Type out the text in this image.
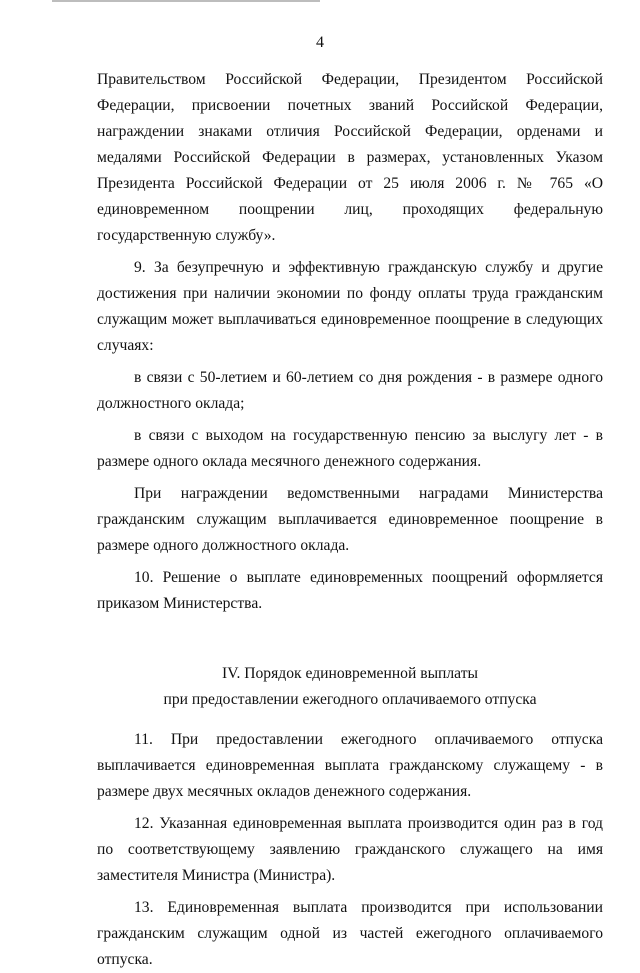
4

Правительством Российской Федерации, Президентом Российской Федерации, присвоении почетных званий Российской Федерации, награждении знаками отличия Российской Федерации, орденами и медалями Российской Федерации в размерах, установленных Указом Президента Российской Федерации от 25 июля 2006 г. № 765 «О единовременном поощрении лиц, проходящих федеральную государственную службу».

9. За безупречную и эффективную гражданскую службу и другие достижения при наличии экономии по фонду оплаты труда гражданским служащим может выплачиваться единовременное поощрение в следующих случаях:

в связи с 50-летием и 60-летием со дня рождения - в размере одного должностного оклада;

в связи с выходом на государственную пенсию за выслугу лет - в размере одного оклада месячного денежного содержания.

При награждении ведомственными наградами Министерства гражданским служащим выплачивается единовременное поощрение в размере одного должностного оклада.

10. Решение о выплате единовременных поощрений оформляется приказом Министерства.

IV. Порядок единовременной выплаты
при предоставлении ежегодного оплачиваемого отпуска

11. При предоставлении ежегодного оплачиваемого отпуска выплачивается единовременная выплата гражданскому служащему - в размере двух месячных окладов денежного содержания.

12. Указанная единовременная выплата производится один раз в год по соответствующему заявлению гражданского служащего на имя заместителя Министра (Министра).

13. Единовременная выплата производится при использовании гражданским служащим одной из частей ежегодного оплачиваемого отпуска.
